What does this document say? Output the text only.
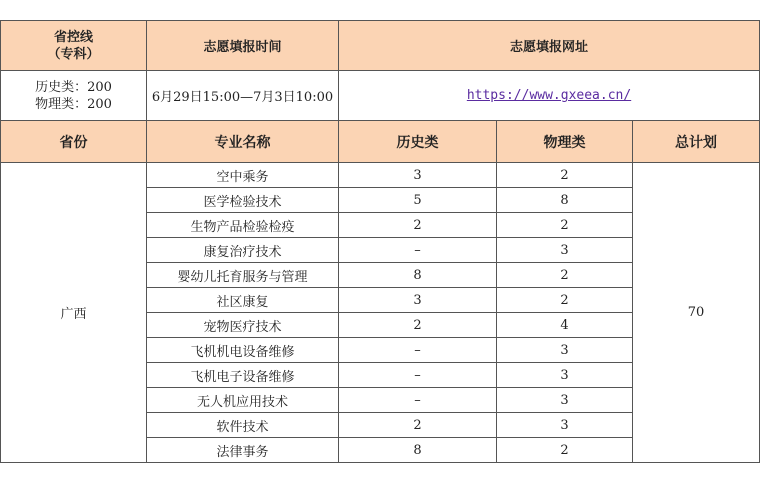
省控线
（专科）	志愿填报时间	志愿填报网址		

历史类：200
物理类：200	6月29日15:00—7月3日10:00	https://www.gxeea.cn/		
省份	专业名称	历史类	物理类	总计划
广西	空中乘务	3	2	70
	医学检验技术	5	8	
	生物产品检验检疫	2	2	
	康复治疗技术	–	3	
	婴幼儿托育服务与管理	8	2	
	社区康复	3	2	
	宠物医疗技术	2	4	
	飞机机电设备维修	–	3	
	飞机电子设备维修	–	3	
	无人机应用技术	–	3	
	软件技术	2	3	
	法律事务	8	2	
